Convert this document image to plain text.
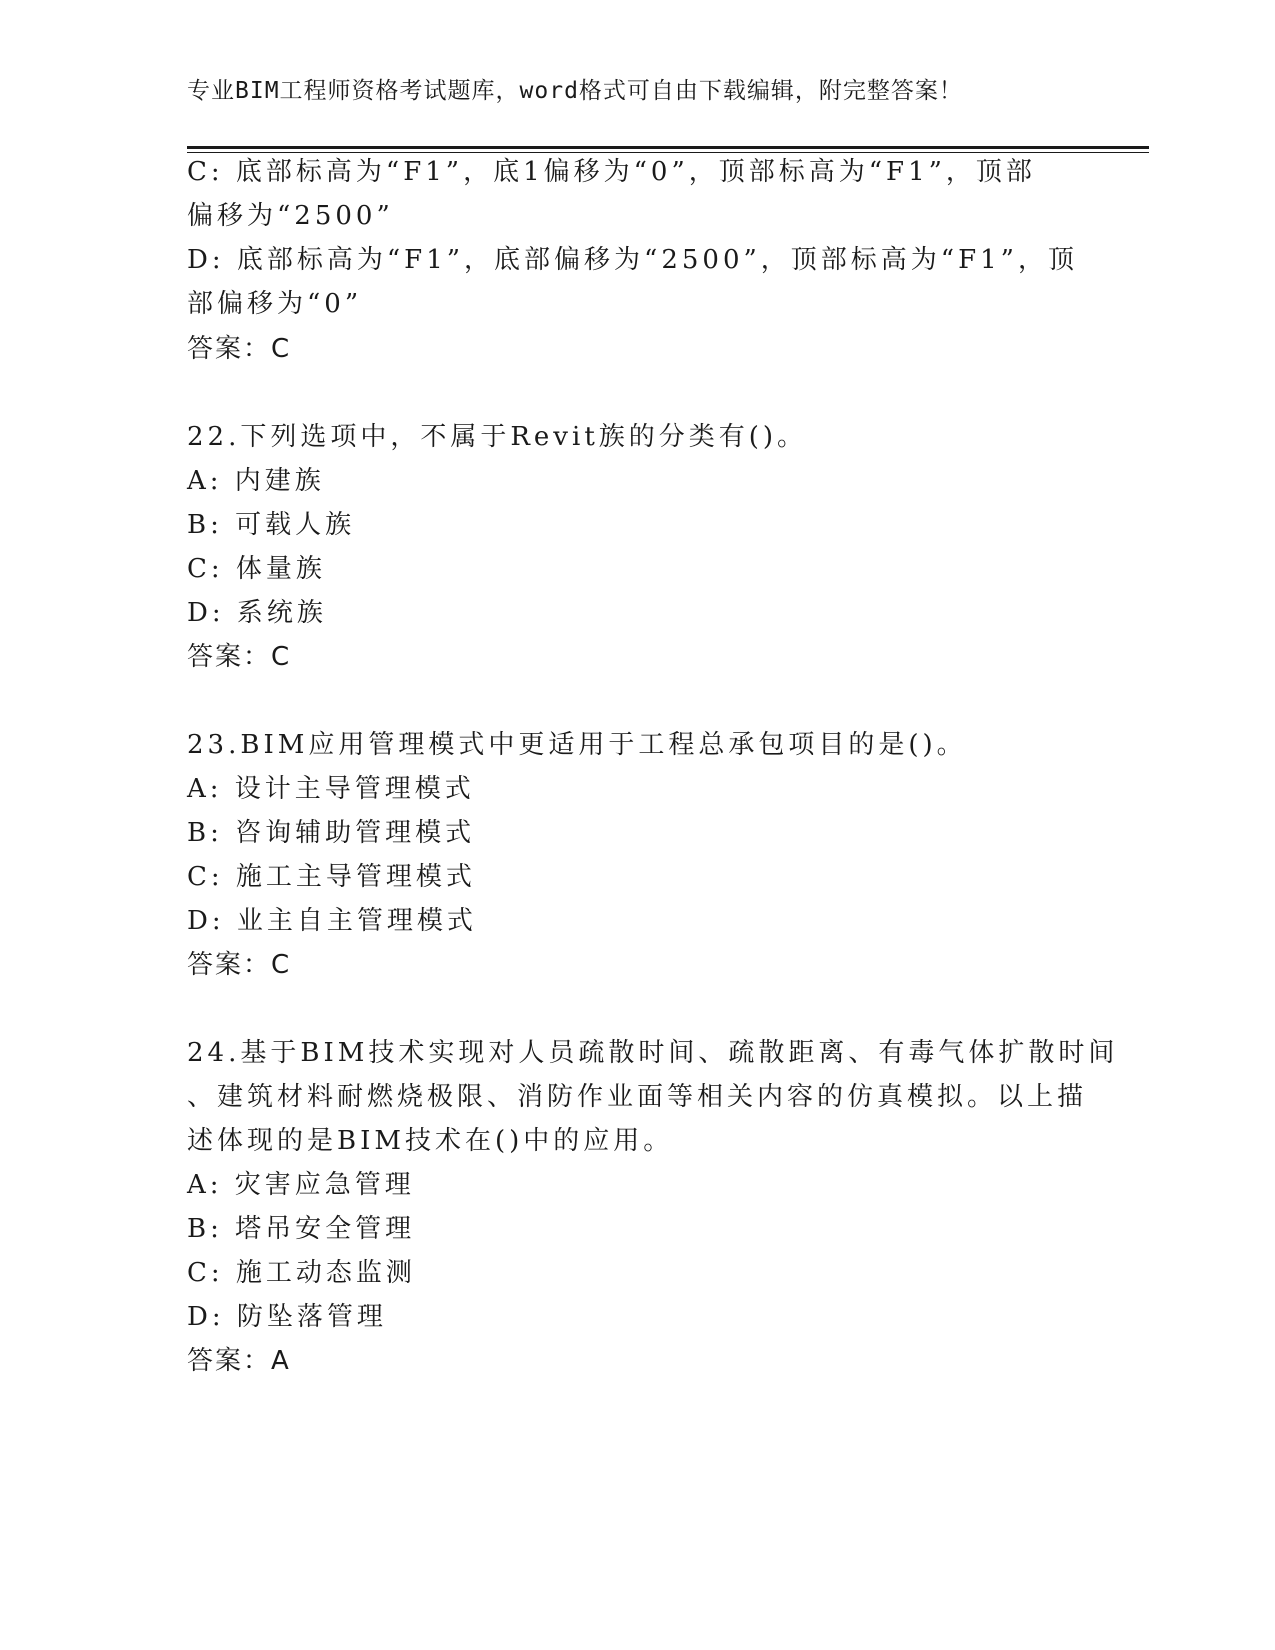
专业BIM工程师资格考试题库，word格式可自由下载编辑，附完整答案！
C: 底部标高为“F1”，底1偏移为“0”，顶部标高为“F1”，顶部
偏移为“2500”
D: 底部标高为“F1”，底部偏移为“2500”，顶部标高为“F1”，顶
部偏移为“0”
答案：C
22.下列选项中，不属于Revit族的分类有()。
A: 内建族
B: 可载人族
C: 体量族
D: 系统族
答案：C
23.BIM应用管理模式中更适用于工程总承包项目的是()。
A: 设计主导管理模式
B: 咨询辅助管理模式
C: 施工主导管理模式
D: 业主自主管理模式
答案：C
24.基于BIM技术实现对人员疏散时间、疏散距离、有毒气体扩散时间
、建筑材料耐燃烧极限、消防作业面等相关内容的仿真模拟。以上描
述体现的是BIM技术在()中的应用。
A: 灾害应急管理
B: 塔吊安全管理
C: 施工动态监测
D: 防坠落管理
答案：A
